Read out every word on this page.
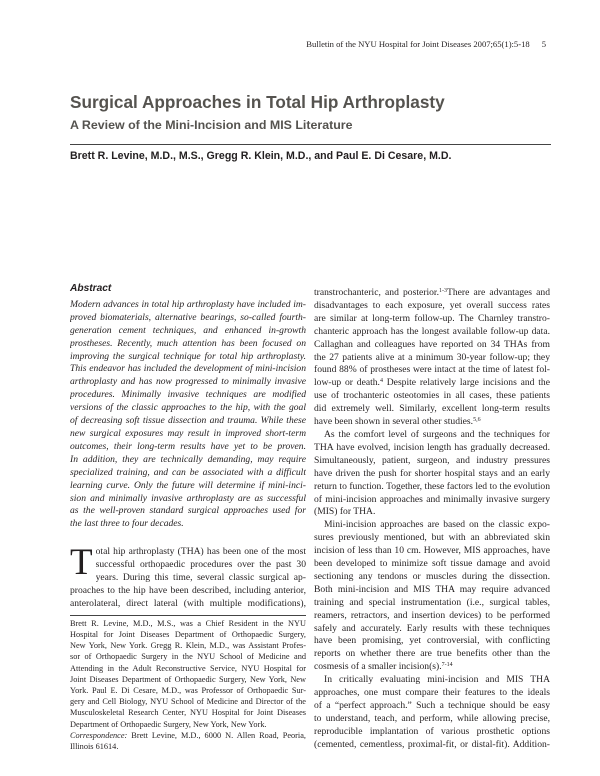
Bulletin of the NYU Hospital for Joint Diseases 2007;65(1):5-18 5
Surgical Approaches in Total Hip Arthroplasty
A Review of the Mini-Incision and MIS Literature
Brett R. Levine, M.D., M.S., Gregg R. Klein, M.D., and Paul E. Di Cesare, M.D.
Abstract
Modern advances in total hip arthroplasty have included im-
proved biomaterials, alternative bearings, so-called fourth-
generation cement techniques, and enhanced in-growth
prostheses. Recently, much attention has been focused on
improving the surgical technique for total hip arthroplasty.
This endeavor has included the development of mini-incision
arthroplasty and has now progressed to minimally invasive
procedures. Minimally invasive techniques are modified
versions of the classic approaches to the hip, with the goal
of decreasing soft tissue dissection and trauma. While these
new surgical exposures may result in improved short-term
outcomes, their long-term results have yet to be proven.
In addition, they are technically demanding, may require
specialized training, and can be associated with a difficult
learning curve. Only the future will determine if mini-inci-
sion and minimally invasive arthroplasty are as successful
as the well-proven standard surgical approaches used for
the last three to four decades.
T otal hip arthroplasty (THA) has been one of the most
successful orthopaedic procedures over the past 30
years. During this time, several classic surgical ap-
proaches to the hip have been described, including anterior,
anterolateral, direct lateral (with multiple modifications),
Brett R. Levine, M.D., M.S., was a Chief Resident in the NYU
Hospital for Joint Diseases Department of Orthopaedic Surgery,
New York, New York. Gregg R. Klein, M.D., was Assistant Profes-
sor of Orthopaedic Surgery in the NYU School of Medicine and
Attending in the Adult Reconstructive Service, NYU Hospital for
Joint Diseases Department of Orthopaedic Surgery, New York, New
York. Paul E. Di Cesare, M.D., was Professor of Orthopaedic Sur-
gery and Cell Biology, NYU School of Medicine and Director of the
Musculoskeletal Research Center, NYU Hospital for Joint Diseases
Department of Orthopaedic Surgery, New York, New York.
Correspondence: Brett Levine, M.D., 6000 N. Allen Road, Peoria,
Illinois 61614.
transtrochanteric, and posterior.$^{1-3}$There are advantages and
disadvantages to each exposure, yet overall success rates
are similar at long-term follow-up. The Charnley transtro-
chanteric approach has the longest available follow-up data.
Callaghan and colleagues have reported on 34 THAs from
the 27 patients alive at a minimum 30-year follow-up; they
found 88% of prostheses were intact at the time of latest fol-
low-up or death.$^4$ Despite relatively large incisions and the
use of trochanteric osteotomies in all cases, these patients
did extremely well. Similarly, excellent long-term results
have been shown in several other studies.$^{5,6}$
As the comfort level of surgeons and the techniques for
THA have evolved, incision length has gradually decreased.
Simultaneously, patient, surgeon, and industry pressures
have driven the push for shorter hospital stays and an early
return to function. Together, these factors led to the evolution
of mini-incision approaches and minimally invasive surgery
(MIS) for THA.
Mini-incision approaches are based on the classic expo-
sures previously mentioned, but with an abbreviated skin
incision of less than 10 cm. However, MIS approaches, have
been developed to minimize soft tissue damage and avoid
sectioning any tendons or muscles during the dissection.
Both mini-incision and MIS THA may require advanced
training and special instrumentation (i.e., surgical tables,
reamers, retractors, and insertion devices) to be performed
safely and accurately. Early results with these techniques
have been promising, yet controversial, with conflicting
reports on whether there are true benefits other than the
cosmesis of a smaller incision(s).$^{7-14}$
In critically evaluating mini-incision and MIS THA
approaches, one must compare their features to the ideals
of a “perfect approach.” Such a technique should be easy
to understand, teach, and perform, while allowing precise,
reproducible implantation of various prosthetic options
(cemented, cementless, proximal-fit, or distal-fit). Addition-
